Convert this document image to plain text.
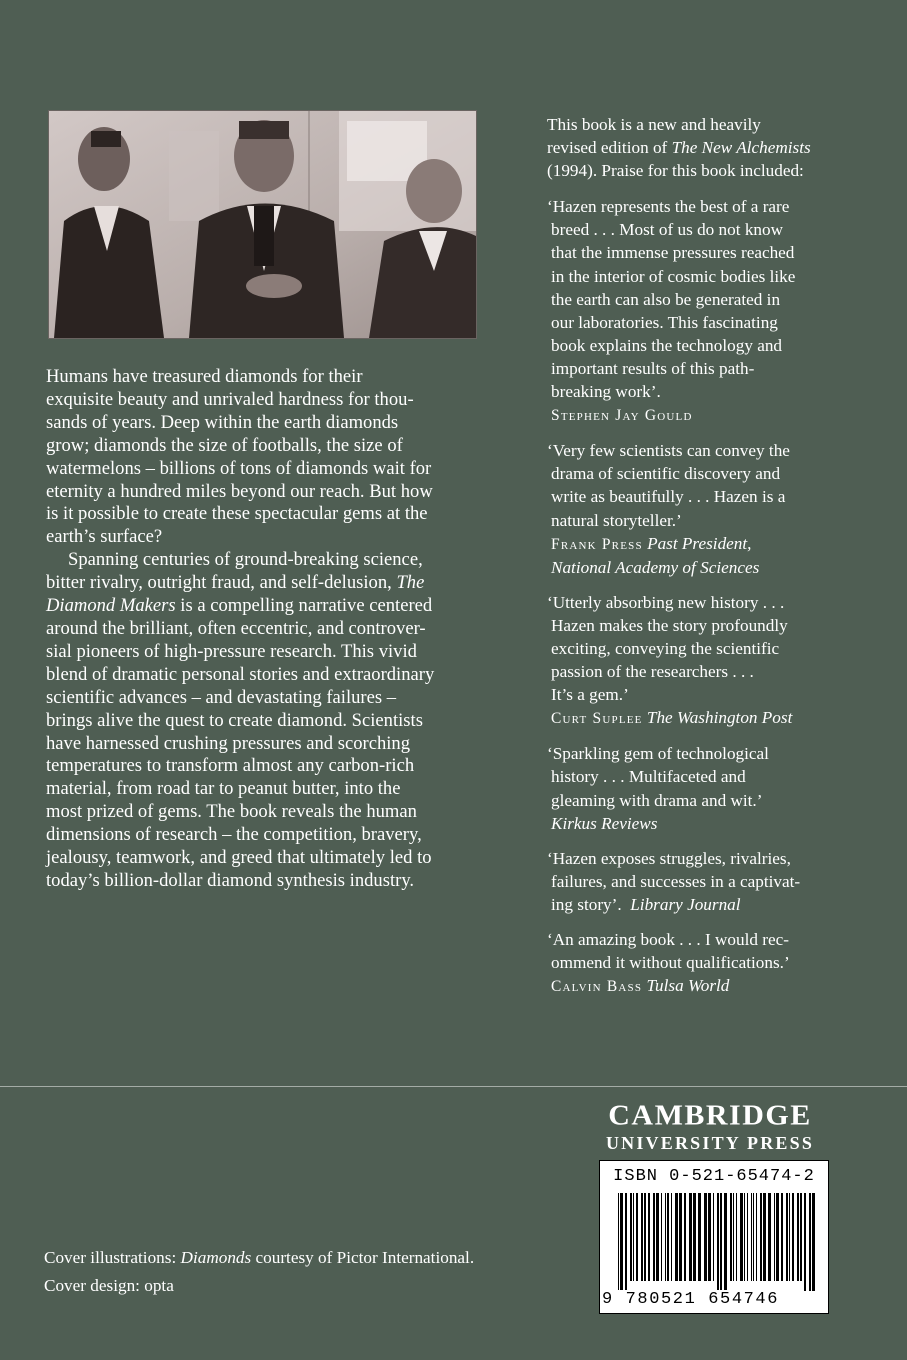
Humans have treasured diamonds for their
exquisite beauty and unrivaled hardness for thou-
sands of years. Deep within the earth diamonds
grow; diamonds the size of footballs, the size of
watermelons – billions of tons of diamonds wait for
eternity a hundred miles beyond our reach. But how
is it possible to create these spectacular gems at the
earth’s surface?

Spanning centuries of ground-breaking science,
bitter rivalry, outright fraud, and self-delusion, The
Diamond Makers is a compelling narrative centered
around the brilliant, often eccentric, and controver-
sial pioneers of high-pressure research. This vivid
blend of dramatic personal stories and extraordinary
scientific advances – and devastating failures –
brings alive the quest to create diamond. Scientists
have harnessed crushing pressures and scorching
temperatures to transform almost any carbon-rich
material, from road tar to peanut butter, into the
most prized of gems. The book reveals the human
dimensions of research – the competition, bravery,
jealousy, teamwork, and greed that ultimately led to
today’s billion-dollar diamond synthesis industry.

This book is a new and heavily
revised edition of The New Alchemists
(1994). Praise for this book included:
‘Hazen represents the best of a rare
breed . . . Most of us do not know
that the immense pressures reached
in the interior of cosmic bodies like
the earth can also be generated in
our laboratories. This fascinating
book explains the technology and
important results of this path-
breaking work’.
Stephen Jay Gould
‘Very few scientists can convey the
drama of scientific discovery and
write as beautifully . . . Hazen is a
natural storyteller.’
Frank Press Past President,
National Academy of Sciences
‘Utterly absorbing new history . . .
Hazen makes the story profoundly
exciting, conveying the scientific
passion of the researchers . . .
It’s a gem.’
Curt Suplee The Washington Post
‘Sparkling gem of technological
history . . . Multifaceted and
gleaming with drama and wit.’
Kirkus Reviews
‘Hazen exposes struggles, rivalries,
failures, and successes in a captivat-
ing story’. Library Journal
‘An amazing book . . . I would rec-
ommend it without qualifications.’
Calvin Bass Tulsa World
CAMBRIDGE
UNIVERSITY PRESS
ISBN 0-521-65474-2
9 780521 654746
Cover illustrations: Diamonds courtesy of Pictor International.
Cover design: opta
